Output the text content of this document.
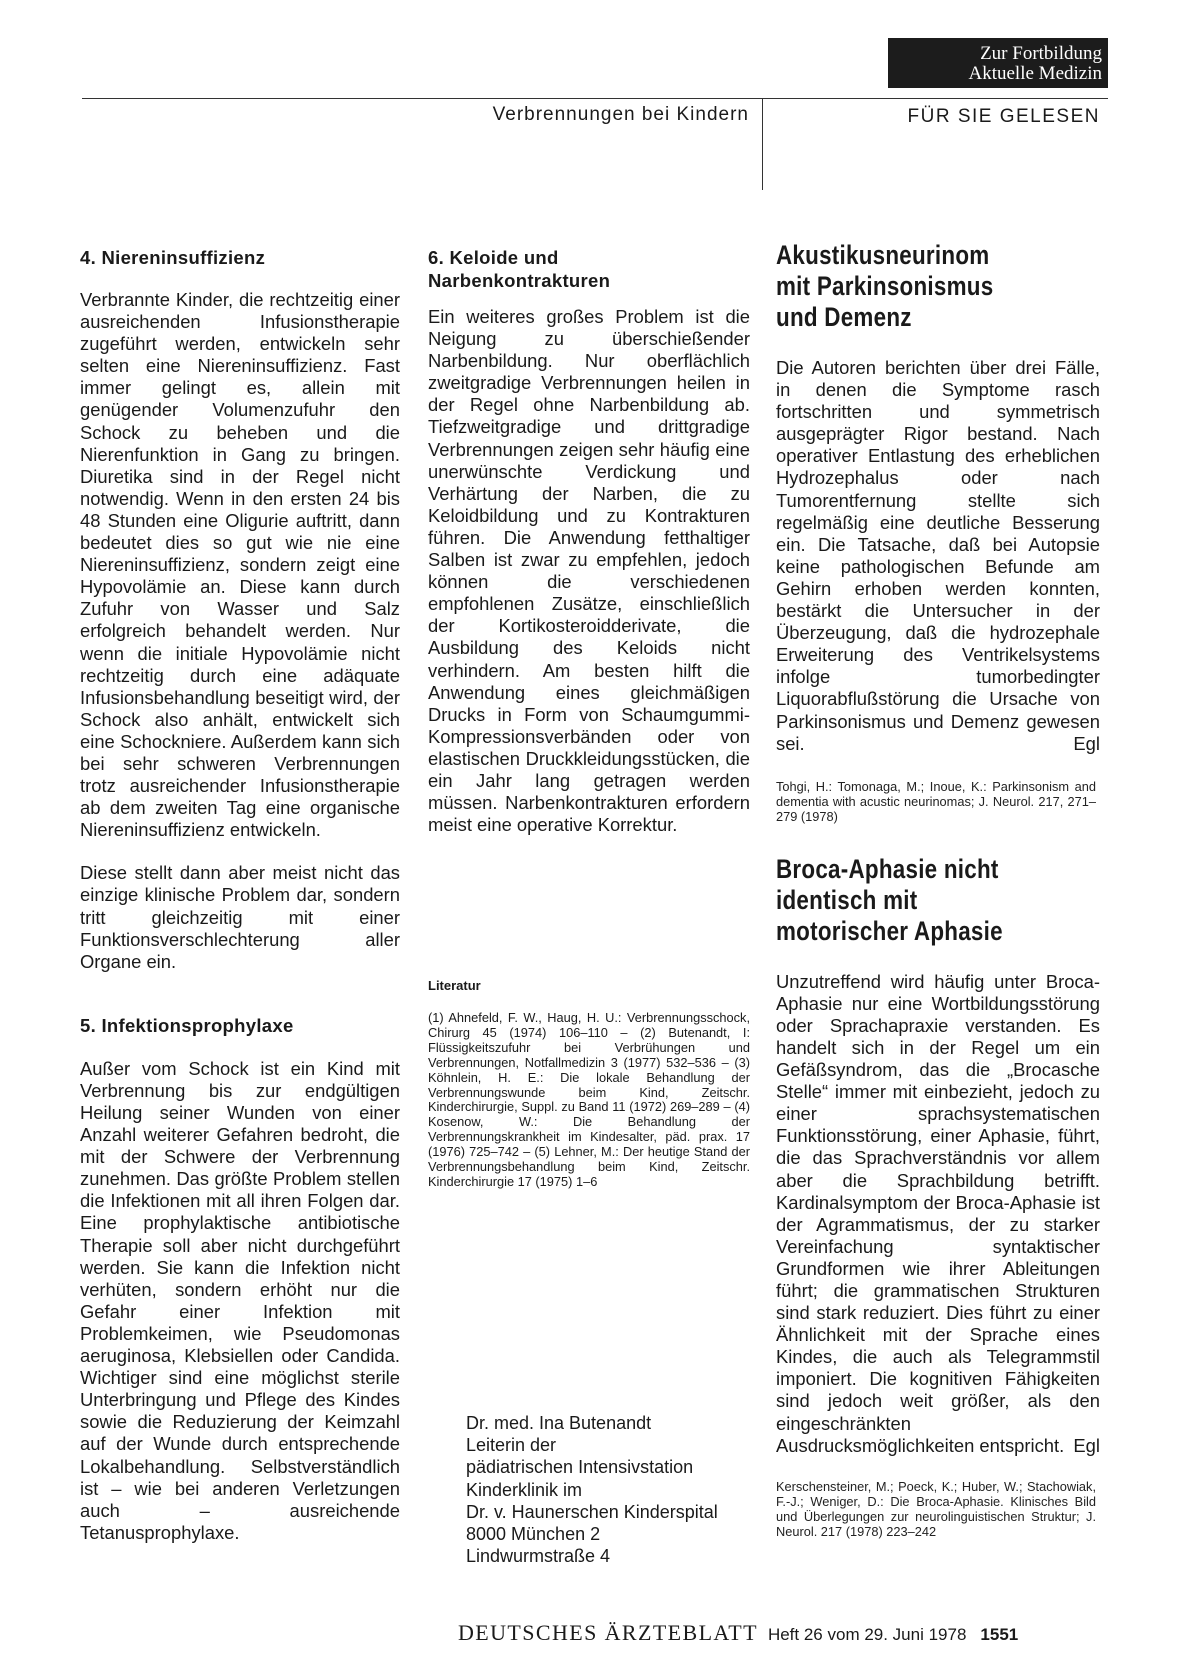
Zur Fortbildung
Aktuelle Medizin
Verbrennungen bei Kindern	FÜR SIE GELESEN
4. Niereninsuffizienz

Verbrannte Kinder, die rechtzeitig einer ausreichenden Infusionstherapie zugeführt werden, entwickeln sehr selten eine Niereninsuffizienz. Fast immer gelingt es, allein mit genügender Volumenzufuhr den Schock zu beheben und die Nierenfunktion in Gang zu bringen. Diuretika sind in der Regel nicht notwendig. Wenn in den ersten 24 bis 48 Stunden eine Oligurie auftritt, dann bedeutet dies so gut wie nie eine Niereninsuffizienz, sondern zeigt eine Hypovolämie an. Diese kann durch Zufuhr von Wasser und Salz erfolgreich behandelt werden. Nur wenn die initiale Hypovolämie nicht rechtzeitig durch eine adäquate Infusionsbehandlung beseitigt wird, der Schock also anhält, entwickelt sich eine Schockniere. Außerdem kann sich bei sehr schweren Verbrennungen trotz ausreichender Infusionstherapie ab dem zweiten Tag eine organische Niereninsuffizienz entwickeln.

Diese stellt dann aber meist nicht das einzige klinische Problem dar, sondern tritt gleichzeitig mit einer Funktionsverschlechterung aller Organe ein.

5. Infektionsprophylaxe

Außer vom Schock ist ein Kind mit Verbrennung bis zur endgültigen Heilung seiner Wunden von einer Anzahl weiterer Gefahren bedroht, die mit der Schwere der Verbrennung zunehmen. Das größte Problem stellen die Infektionen mit all ihren Folgen dar. Eine prophylaktische antibiotische Therapie soll aber nicht durchgeführt werden. Sie kann die Infektion nicht verhüten, sondern erhöht nur die Gefahr einer Infektion mit Problemkeimen, wie Pseudomonas aeruginosa, Klebsiellen oder Candida. Wichtiger sind eine möglichst sterile Unterbringung und Pflege des Kindes sowie die Reduzierung der Keimzahl auf der Wunde durch entsprechende Lokalbehandlung. Selbstverständlich ist – wie bei anderen Verletzungen auch – ausreichende Tetanusprophylaxe.

6. Keloide und
Narbenkontrakturen

Ein weiteres großes Problem ist die Neigung zu überschießender Narbenbildung. Nur oberflächlich zweitgradige Verbrennungen heilen in der Regel ohne Narbenbildung ab. Tiefzweitgradige und drittgradige Verbrennungen zeigen sehr häufig eine unerwünschte Verdickung und Verhärtung der Narben, die zu Keloidbildung und zu Kontrakturen führen. Die Anwendung fetthaltiger Salben ist zwar zu empfehlen, jedoch können die verschiedenen empfohlenen Zusätze, einschließlich der Kortikosteroidderivate, die Ausbildung des Keloids nicht verhindern. Am besten hilft die Anwendung eines gleichmäßigen Drucks in Form von Schaumgummi-Kompressionsverbänden oder von elastischen Druckkleidungsstücken, die ein Jahr lang getragen werden müssen. Narbenkontrakturen erfordern meist eine operative Korrektur.

Literatur

(1) Ahnefeld, F. W., Haug, H. U.: Verbrennungsschock, Chirurg 45 (1974) 106–110 – (2) Butenandt, I: Flüssigkeitszufuhr bei Verbrühungen und Verbrennungen, Notfallmedizin 3 (1977) 532–536 – (3) Köhnlein, H. E.: Die lokale Behandlung der Verbrennungswunde beim Kind, Zeitschr. Kinderchirurgie, Suppl. zu Band 11 (1972) 269–289 – (4) Kosenow, W.: Die Behandlung der Verbrennungskrankheit im Kindesalter, päd. prax. 17 (1976) 725–742 – (5) Lehner, M.: Der heutige Stand der Verbrennungsbehandlung beim Kind, Zeitschr. Kinderchirurgie 17 (1975) 1–6

Dr. med. Ina Butenandt

Leiterin der

pädiatrischen Intensivstation

Kinderklinik im

Dr. v. Haunerschen Kinderspital

8000 München 2

Lindwurmstraße 4

Akustikusneurinom
mit Parkinsonismus
und Demenz

Die Autoren berichten über drei Fälle, in denen die Symptome rasch fortschritten und symmetrisch ausgeprägter Rigor bestand. Nach operativer Entlastung des erheblichen Hydrozephalus oder nach Tumorentfernung stellte sich regelmäßig eine deutliche Besserung ein. Die Tatsache, daß bei Autopsie keine pathologischen Befunde am Gehirn erhoben werden konnten, bestärkt die Untersucher in der Überzeugung, daß die hydrozephale Erweiterung des Ventrikelsystems infolge tumorbedingter Liquorabflußstörung die Ursache von Parkinsonismus und Demenz gewesen sei.	Egl

Tohgi, H.: Tomonaga, M.; Inoue, K.: Parkinsonism and dementia with acustic neurinomas; J. Neurol. 217, 271–279 (1978)

Broca-Aphasie nicht
identisch mit
motorischer Aphasie

Unzutreffend wird häufig unter Broca-Aphasie nur eine Wortbildungsstörung oder Sprachapraxie verstanden. Es handelt sich in der Regel um ein Gefäßsyndrom, das die „Brocasche Stelle“ immer mit einbezieht, jedoch zu einer sprachsystematischen Funktionsstörung, einer Aphasie, führt, die das Sprachverständnis vor allem aber die Sprachbildung betrifft. Kardinalsymptom der Broca-Aphasie ist der Agrammatismus, der zu starker Vereinfachung syntaktischer Grundformen wie ihrer Ableitungen führt; die grammatischen Strukturen sind stark reduziert. Dies führt zu einer Ähnlichkeit mit der Sprache eines Kindes, die auch als Telegrammstil imponiert. Die kognitiven Fähigkeiten sind jedoch weit größer, als den eingeschränkten Ausdrucksmöglichkeiten entspricht. Egl

Kerschensteiner, M.; Poeck, K.; Huber, W.; Stachowiak, F.-J.; Weniger, D.: Die Broca-Aphasie. Klinisches Bild und Überlegungen zur neurolinguistischen Struktur; J. Neurol. 217 (1978) 223–242

DEUTSCHES ÄRZTEBLATT Heft 26 vom 29. Juni 1978 1551
